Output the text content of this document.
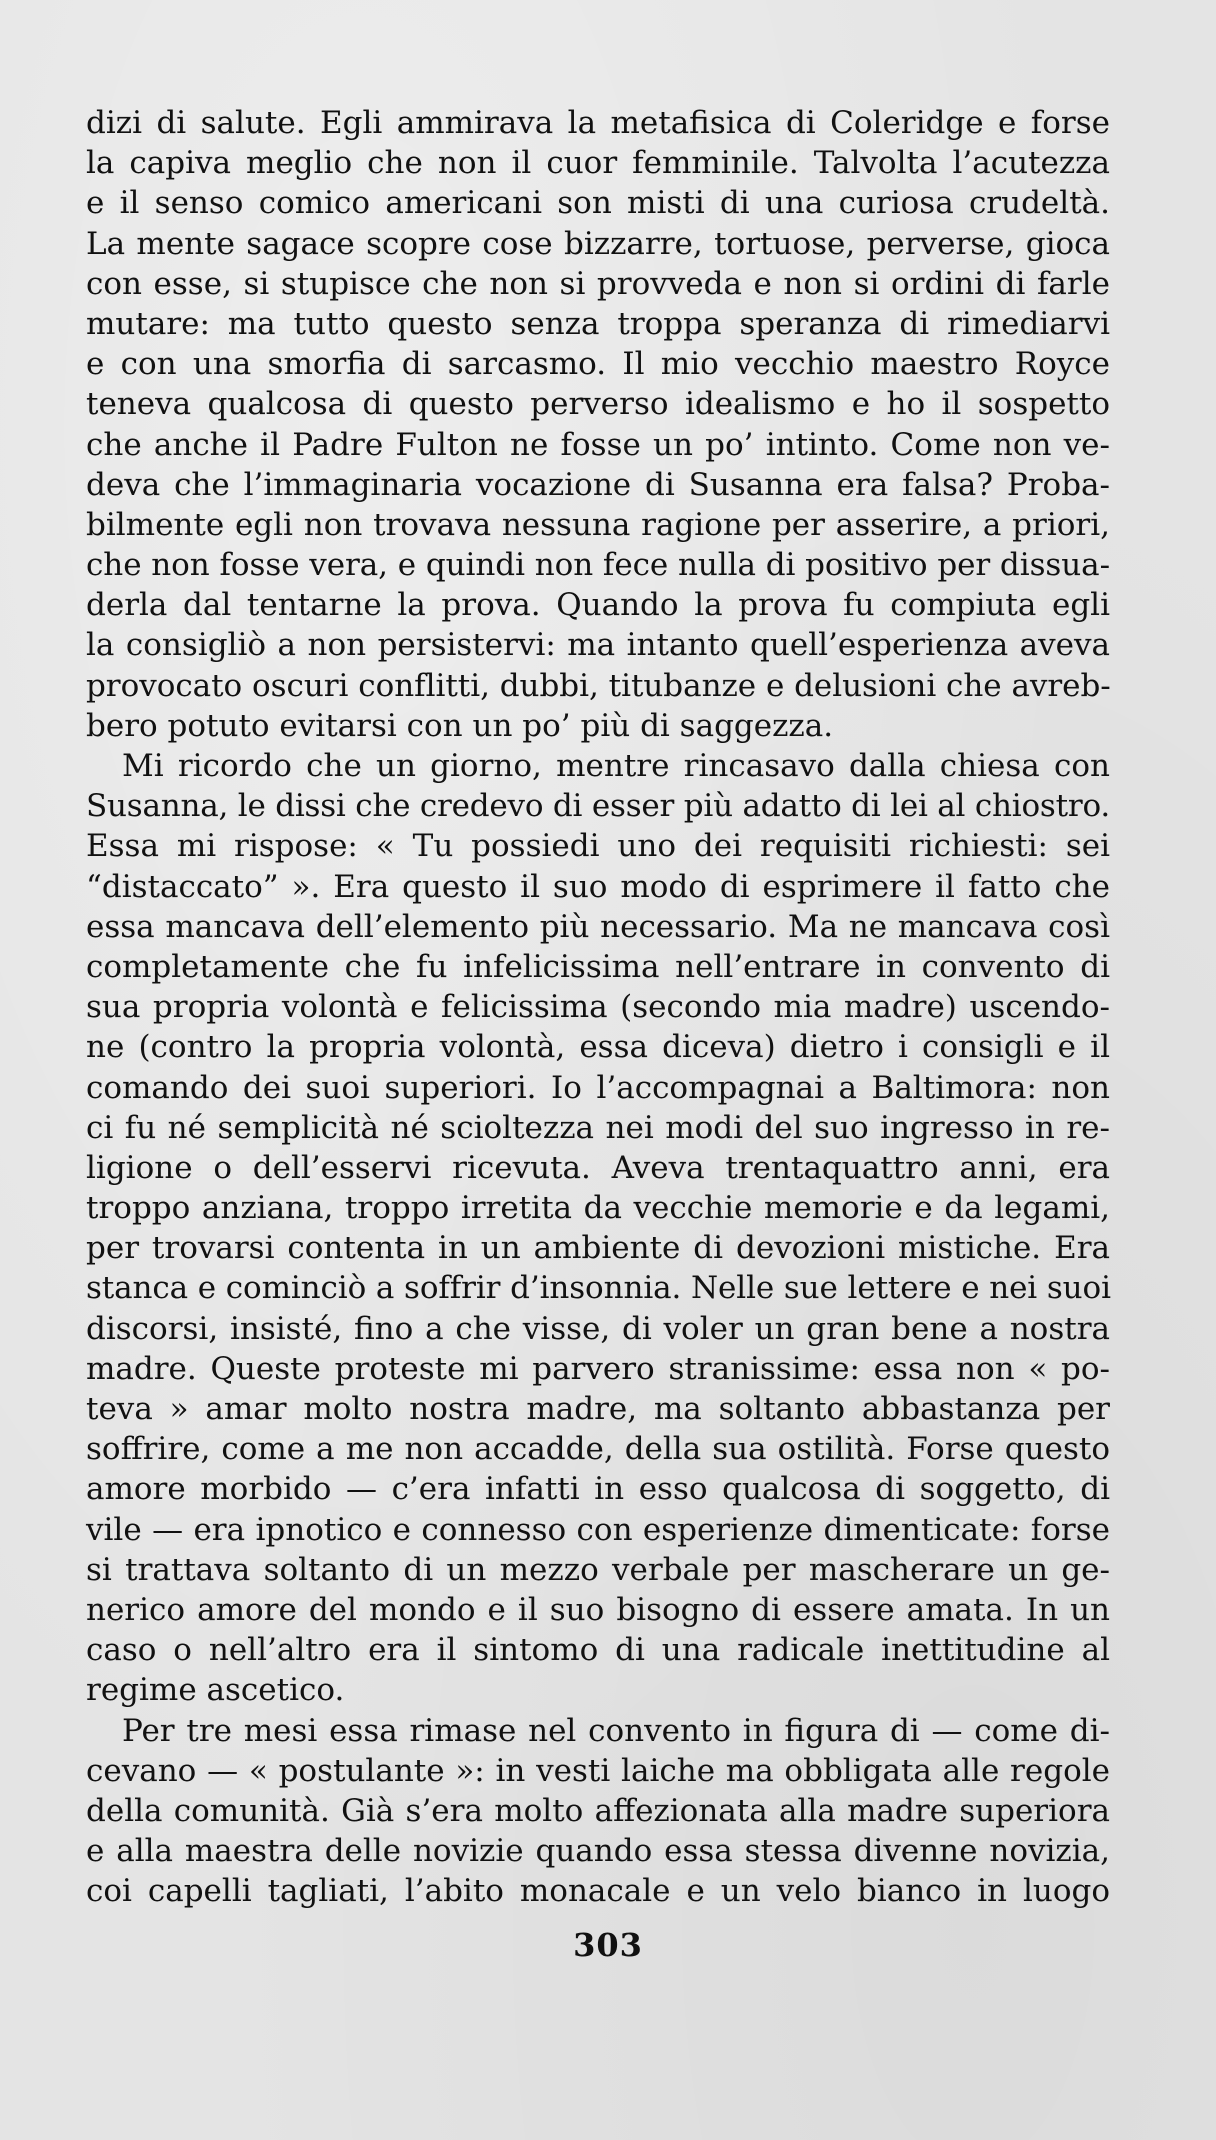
dizi di salute. Egli ammirava la metafisica di Coleridge e forse
la capiva meglio che non il cuor femminile. Talvolta l’acutezza
e il senso comico americani son misti di una curiosa crudeltà.
La mente sagace scopre cose bizzarre, tortuose, perverse, gioca
con esse, si stupisce che non si provveda e non si ordini di farle
mutare: ma tutto questo senza troppa speranza di rimediarvi
e con una smorfia di sarcasmo. Il mio vecchio maestro Royce
teneva qualcosa di questo perverso idealismo e ho il sospetto
che anche il Padre Fulton ne fosse un po’ intinto. Come non ve-
deva che l’immaginaria vocazione di Susanna era falsa? Proba-
bilmente egli non trovava nessuna ragione per asserire, a priori,
che non fosse vera, e quindi non fece nulla di positivo per dissua-
derla dal tentarne la prova. Quando la prova fu compiuta egli
la consigliò a non persistervi: ma intanto quell’esperienza aveva
provocato oscuri conflitti, dubbi, titubanze e delusioni che avreb-
bero potuto evitarsi con un po’ più di saggezza.
Mi ricordo che un giorno, mentre rincasavo dalla chiesa con
Susanna, le dissi che credevo di esser più adatto di lei al chiostro.
Essa mi rispose: « Tu possiedi uno dei requisiti richiesti: sei
“distaccato” ». Era questo il suo modo di esprimere il fatto che
essa mancava dell’elemento più necessario. Ma ne mancava così
completamente che fu infelicissima nell’entrare in convento di
sua propria volontà e felicissima (secondo mia madre) uscendo-
ne (contro la propria volontà, essa diceva) dietro i consigli e il
comando dei suoi superiori. Io l’accompagnai a Baltimora: non
ci fu né semplicità né scioltezza nei modi del suo ingresso in re-
ligione o dell’esservi ricevuta. Aveva trentaquattro anni, era
troppo anziana, troppo irretita da vecchie memorie e da legami,
per trovarsi contenta in un ambiente di devozioni mistiche. Era
stanca e cominciò a soffrir d’insonnia. Nelle sue lettere e nei suoi
discorsi, insisté, fino a che visse, di voler un gran bene a nostra
madre. Queste proteste mi parvero stranissime: essa non « po-
teva » amar molto nostra madre, ma soltanto abbastanza per
soffrire, come a me non accadde, della sua ostilità. Forse questo
amore morbido — c’era infatti in esso qualcosa di soggetto, di
vile — era ipnotico e connesso con esperienze dimenticate: forse
si trattava soltanto di un mezzo verbale per mascherare un ge-
nerico amore del mondo e il suo bisogno di essere amata. In un
caso o nell’altro era il sintomo di una radicale inettitudine al
regime ascetico.
Per tre mesi essa rimase nel convento in figura di — come di-
cevano — « postulante »: in vesti laiche ma obbligata alle regole
della comunità. Già s’era molto affezionata alla madre superiora
e alla maestra delle novizie quando essa stessa divenne novizia,
coi capelli tagliati, l’abito monacale e un velo bianco in luogo
303
